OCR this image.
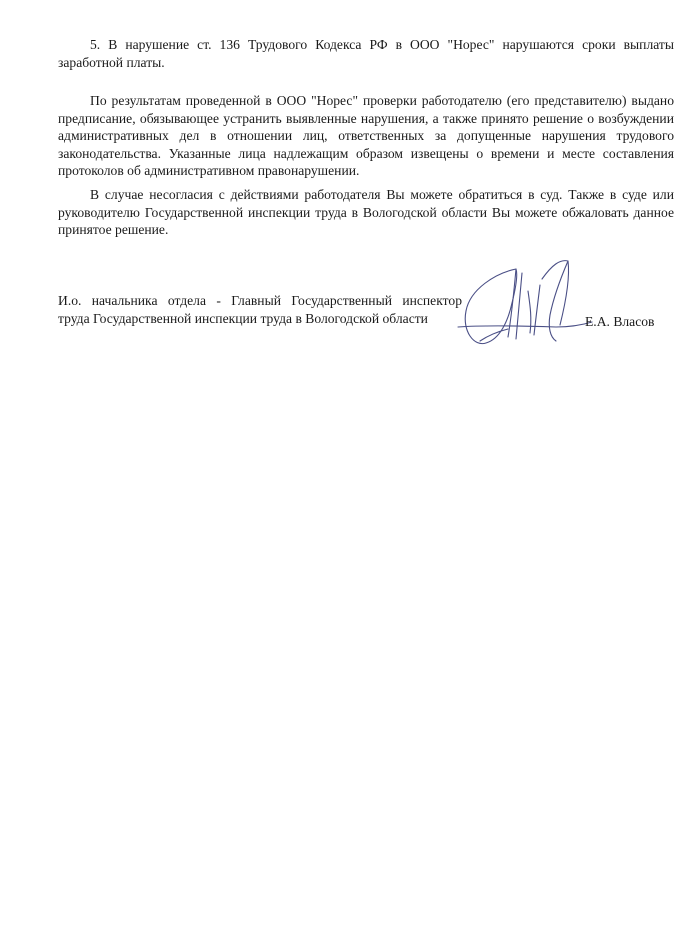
5. В нарушение ст. 136 Трудового Кодекса РФ в ООО "Норес" нарушаются сроки выплаты заработной платы.

По результатам проведенной в ООО "Норес" проверки работодателю (его представителю) выдано предписание, обязывающее устранить выявленные нарушения, а также принято решение о возбуждении административных дел в отношении лиц, ответственных за допущенные нарушения трудового законодательства. Указанные лица надлежащим образом извещены о времени и месте составления протоколов об административном правонарушении.

В случае несогласия с действиями работодателя Вы можете обратиться в суд. Также в суде или руководителю Государственной инспекции труда в Вологодской области Вы можете обжаловать данное принятое решение.

И.о. начальника отдела - Главный Государственный инспектор
труда Государственной инспекции труда в Вологодской области	Е.А. Власов
